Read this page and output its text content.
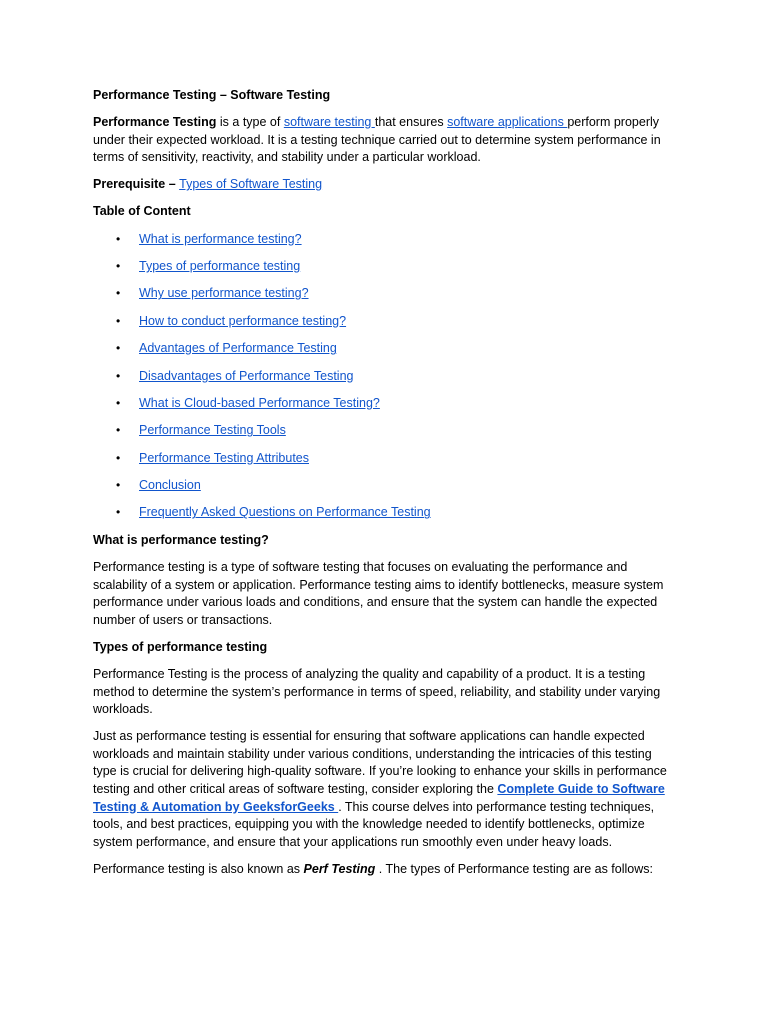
Performance Testing – Software Testing

Performance Testing is a type of software testing that ensures software applications perform properly under their expected workload. It is a testing technique carried out to determine system performance in terms of sensitivity, reactivity, and stability under a particular workload.

Prerequisite – Types of Software Testing

Table of Content

• What is performance testing?
• Types of performance testing
• Why use performance testing?
• How to conduct performance testing?
• Advantages of Performance Testing
• Disadvantages of Performance Testing
• What is Cloud-based Performance Testing?
• Performance Testing Tools
• Performance Testing Attributes
• Conclusion
• Frequently Asked Questions on Performance Testing

What is performance testing?

Performance testing is a type of software testing that focuses on evaluating the performance and scalability of a system or application. Performance testing aims to identify bottlenecks, measure system performance under various loads and conditions, and ensure that the system can handle the expected number of users or transactions.

Types of performance testing

Performance Testing is the process of analyzing the quality and capability of a product. It is a testing method to determine the system’s performance in terms of speed, reliability, and stability under varying workloads.

Just as performance testing is essential for ensuring that software applications can handle expected workloads and maintain stability under various conditions, understanding the intricacies of this testing type is crucial for delivering high-quality software. If you’re looking to enhance your skills in performance testing and other critical areas of software testing, consider exploring the Complete Guide to Software Testing & Automation by GeeksforGeeks . This course delves into performance testing techniques, tools, and best practices, equipping you with the knowledge needed to identify bottlenecks, optimize system performance, and ensure that your applications run smoothly even under heavy loads.

Performance testing is also known as Perf Testing . The types of Performance testing are as follows:
